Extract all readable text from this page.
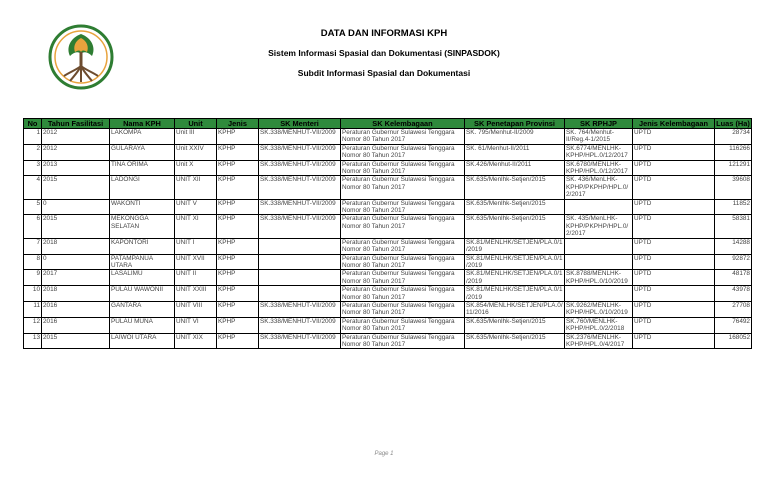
DATA DAN INFORMASI KPH
Sistem Informasi Spasial dan Dokumentasi (SINPASDOK)
Subdit Informasi Spasial dan Dokumentasi
No	Tahun Fasilitasi	Nama KPH	Unit	Jenis	SK Menteri	SK Kelembagaan	SK Penetapan Provinsi	SK RPHJP	Jenis Kelembagaan	Luas (Ha)
1	2012	LAKOMPA	Unit III	KPHP	SK.338/MENHUT-VII/2009	Peraturan Gubernur Sulawesi Tenggara Nomor 80 Tahun 2017	SK. 795/Menhut-II/2009	SK. 764/Menhut-II/Reg.4-1/2015	UPTD	28734
2	2012	GULARAYA	Unit XXIV	KPHP	SK.338/MENHUT-VII/2009	Peraturan Gubernur Sulawesi Tenggara Nomor 80 Tahun 2017	SK. 61/Menhut-II/2011	SK.6774/MENLHK-KPHP/HPL.0/12/2017	UPTD	116266
3	2013	TINA ORIMA	Unit X	KPHP	SK.338/MENHUT-VII/2009	Peraturan Gubernur Sulawesi Tenggara Nomor 80 Tahun 2017	SK.426/Menhut-II/2011	SK.6780/MENLHK-KPHP/HPL.0/12/2017	UPTD	121291
4	2015	LADONGI	UNIT XII	KPHP	SK.338/MENHUT-VII/2009	Peraturan Gubernur Sulawesi Tenggara Nomor 80 Tahun 2017	SK.635/Menlhk-Setjen/2015	SK. 436/MenLHK-KPHP/PKPHP/HPL.0/2/2017	UPTD	39608
5	0	WAKONTI	UNIT V	KPHP	SK.338/MENHUT-VII/2009	Peraturan Gubernur Sulawesi Tenggara Nomor 80 Tahun 2017	SK.635/Menlhk-Setjen/2015		UPTD	11852
6	2015	MEKONGGA SELATAN	UNIT XI	KPHP	SK.338/MENHUT-VII/2009	Peraturan Gubernur Sulawesi Tenggara Nomor 80 Tahun 2017	SK.635/Menlhk-Setjen/2015	SK. 435/MenLHK-KPHP/PKPHP/HPL.0/2/2017	UPTD	58381
7	2018	KAPONTORI	UNIT I	KPHP		Peraturan Gubernur Sulawesi Tenggara Nomor 80 Tahun 2017	SK.81/MENLHK/SETJEN/PLA.0/1/2019		UPTD	14288
8	0	PATAMPANUA UTARA	UNIT XVII	KPHP		Peraturan Gubernur Sulawesi Tenggara Nomor 80 Tahun 2017	SK.81/MENLHK/SETJEN/PLA.0/1/2019		UPTD	92872
9	2017	LASALIMU	UNIT II	KPHP		Peraturan Gubernur Sulawesi Tenggara Nomor 80 Tahun 2017	SK.81/MENLHK/SETJEN/PLA.0/1/2019	SK.8788/MENLHK-KPHP/HPL.0/10/2019	UPTD	48178
10	2018	PULAU WAWONII	UNIT XXIII	KPHP		Peraturan Gubernur Sulawesi Tenggara Nomor 80 Tahun 2017	SK.81/MENLHK/SETJEN/PLA.0/1/2019		UPTD	43978
11	2016	GANTARA	UNIT VIII	KPHP	SK.338/MENHUT-VII/2009	Peraturan Gubernur Sulawesi Tenggara Nomor 80 Tahun 2017	SK.854/MENLHK/SETJEN/PLA.0/11/2016	SK.9262/MENLHK-KPHP/HPL.0/10/2019	UPTD	27708
12	2016	PULAU MUNA	UNIT VI	KPHP	SK.338/MENHUT-VII/2009	Peraturan Gubernur Sulawesi Tenggara Nomor 80 Tahun 2017	SK.635/Menlhk-Setjen/2015	SK.760/MENLHK-KPHP/HPL.0/2/2018	UPTD	76492
13	2015	LAIWOI UTARA	UNIT XIX	KPHP	SK.338/MENHUT-VII/2009	Peraturan Gubernur Sulawesi Tenggara Nomor 80 Tahun 2017	SK.635/Menlhk-Setjen/2015	SK.2376/MENLHK-KPHP/HPL.0/4/2017	UPTD	168052
Page 1
